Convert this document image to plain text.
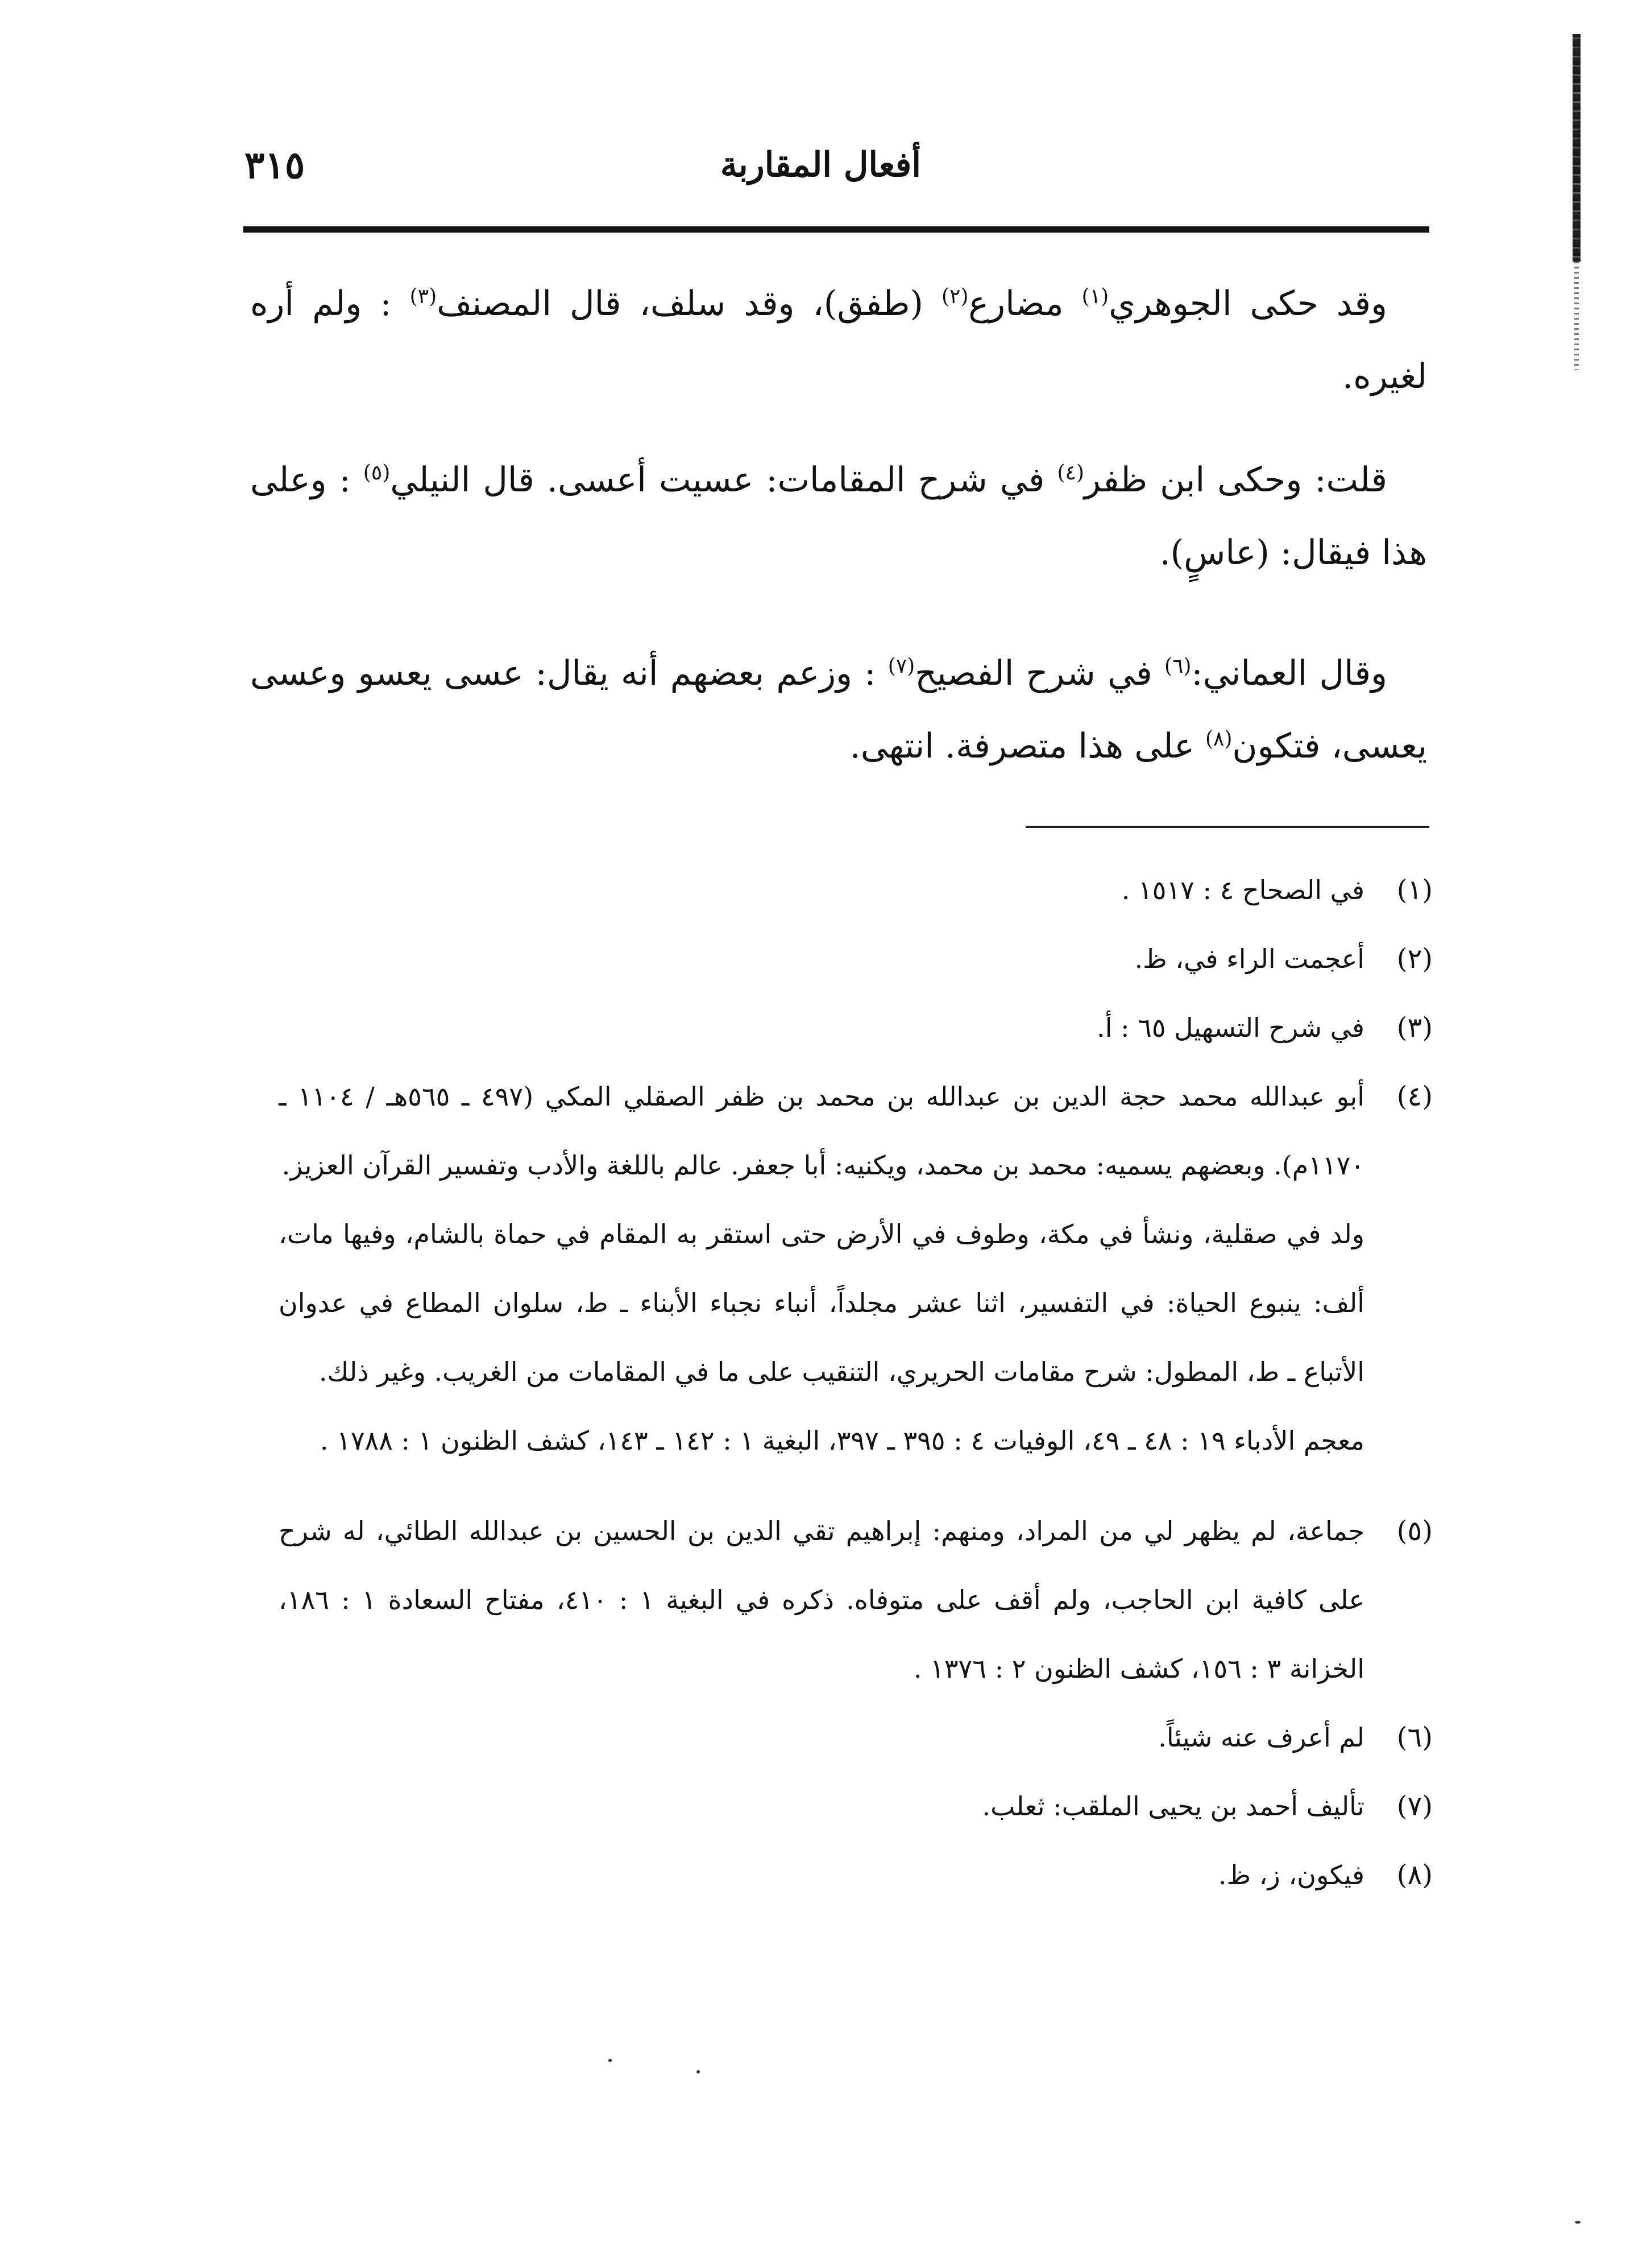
٣١٥	أفعال المقاربة

وقد حكى الجوهري$^{(١)}$ مضارع$^{(٢)}$ (طفق)، وقد سلف، قال المصنف$^{(٣)}$ : ولم أره لغيره.

قلت: وحكى ابن ظفر$^{(٤)}$ في شرح المقامات: عسيت أعسى. قال النيلي$^{(٥)}$ : وعلى هذا فيقال: (عاسٍ).

وقال العماني:$^{(٦)}$ في شرح الفصيح$^{(٧)}$ : وزعم بعضهم أنه يقال: عسى يعسو وعسى يعسى، فتكون$^{(٨)}$ على هذا متصرفة. انتهى.

(١)
في الصحاح ٤ : ١٥١٧ .
(٢)
أعجمت الراء في، ظ.
(٣)
في شرح التسهيل ٦٥ : أ.
(٤)
أبو عبدالله محمد حجة الدين بن عبدالله بن محمد بن ظفر الصقلي المكي (٤٩٧ ـ ٥٦٥هـ / ١١٠٤ ـ ١١٧٠م). وبعضهم يسميه: محمد بن محمد، ويكنيه: أبا جعفر. عالم باللغة والأدب وتفسير القرآن العزيز.
ولد في صقلية، ونشأ في مكة، وطوف في الأرض حتى استقر به المقام في حماة بالشام، وفيها مات، ألف: ينبوع الحياة: في التفسير، اثنا عشر مجلداً، أنباء نجباء الأبناء ـ ط، سلوان المطاع في عدوان الأتباع ـ ط، المطول: شرح مقامات الحريري، التنقيب على ما في المقامات من الغريب. وغير ذلك.
معجم الأدباء ١٩ : ٤٨ ـ ٤٩، الوفيات ٤ : ٣٩٥ ـ ٣٩٧، البغية ١ : ١٤٢ ـ ١٤٣، كشف الظنون ١ : ١٧٨٨ .
(٥)
جماعة، لم يظهر لي من المراد، ومنهم: إبراهيم تقي الدين بن الحسين بن عبدالله الطائي، له شرح على كافية ابن الحاجب، ولم أقف على متوفاه. ذكره في البغية ١ : ٤١٠، مفتاح السعادة ١ : ١٨٦، الخزانة ٣ : ١٥٦، كشف الظنون ٢ : ١٣٧٦ .
(٦)
لم أعرف عنه شيئاً.
(٧)
تأليف أحمد بن يحيى الملقب: ثعلب.
(٨)
فيكون، ز، ظ.
